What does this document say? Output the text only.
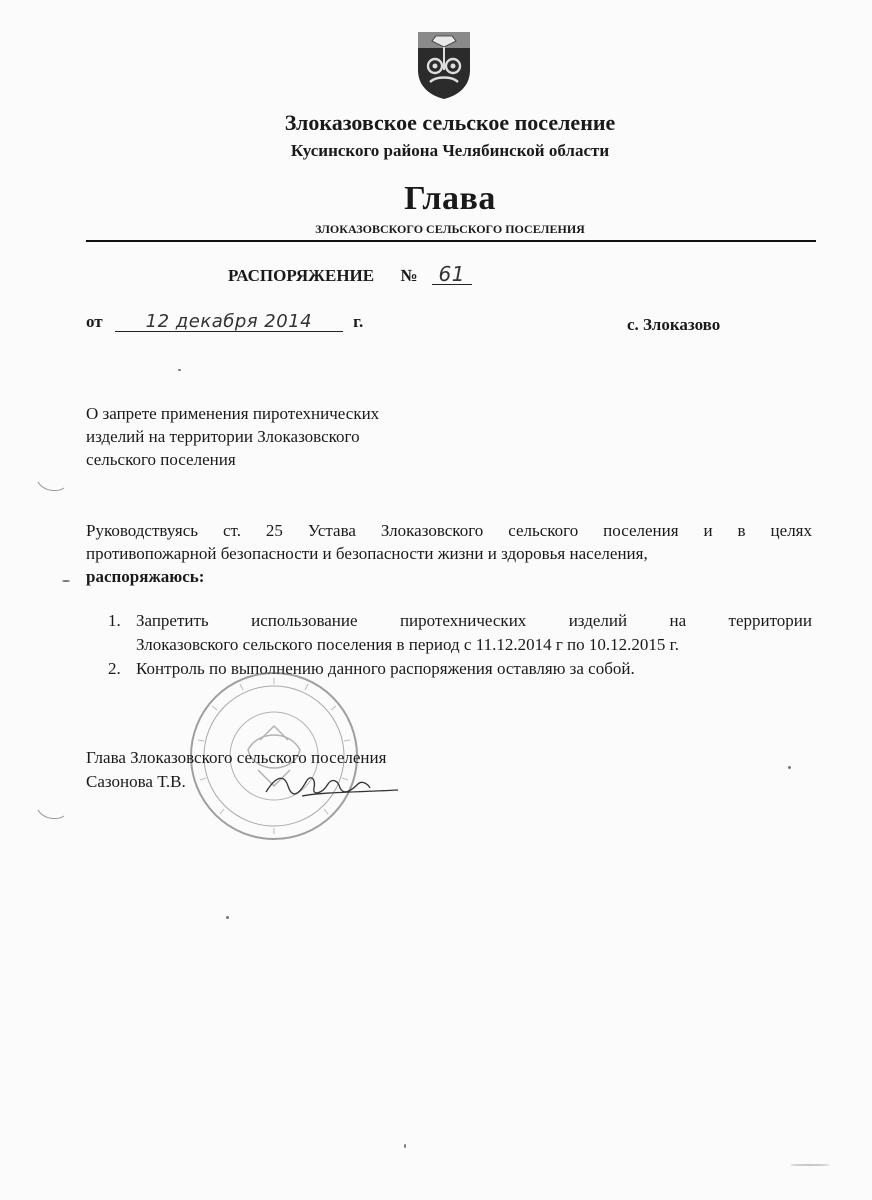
Злоказовское сельское поселение
Кусинского района Челябинской области
Глава
ЗЛОКАЗОВСКОГО СЕЛЬСКОГО ПОСЕЛЕНИЯ
РАСПОРЯЖЕНИЕ № 61
от 12 декабря 2014 г.	с. Злоказово
О запрете применения пиротехнических
изделий на территории Злоказовского
сельского поселения
Руководствуясь ст. 25 Устава Злоказовского сельского поселения и в целях
противопожарной безопасности и безопасности жизни и здоровья населения,
распоряжаюсь:
1. Запретить использование пиротехнических изделий на территории
Злоказовского сельского поселения в период с 11.12.2014 г по 10.12.2015 г.
2. Контроль по выполнению данного распоряжения оставляю за собой.
Глава Злоказовского сельского поселения
Сазонова Т.В.
